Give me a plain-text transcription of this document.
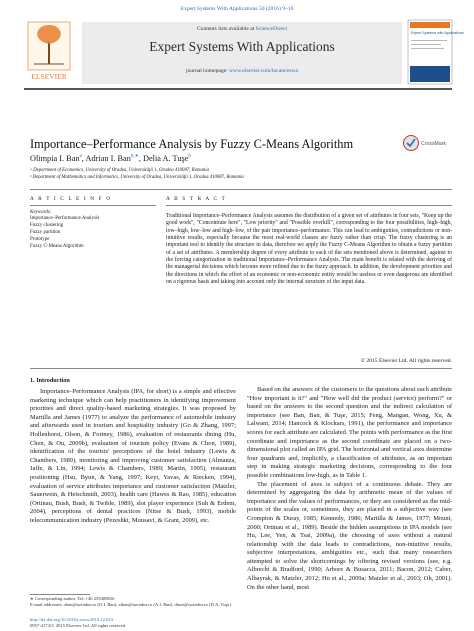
Expert Systems With Applications 50 (2016) 9–16
ELSEVIER
Contents lists available at ScienceDirect
Expert Systems With Applications
journal homepage: www.elsevier.com/locate/eswa
Expert Systems with Applications
Importance–Performance Analysis by Fuzzy C-Means Algorithm	CrossMark
Olimpia I. Ban$^a$, Adrian I. Ban$^{b,∗}$, Delia A. Tuşe$^b$
ᵃ Department of Economics, University of Oradea, Universităţii 1, Oradea 410087, Romania
ᵇ Department of Mathematics and Informatics, University of Oradea, Universităţii 1, Oradea 410087, Romania
A R T I C L E I N F O	A B S T R A C T
Keywords:
Importance–Performance Analysis
Fuzzy clustering
Fuzzy partition
Prototype
Fuzzy C-Means Algorithm
Traditional Importance–Performance Analysis assumes the distribution of a given set of attributes in four sets, "Keep up the good work", "Concentrate here", "Low priority" and "Possible overkill", corresponding to the four possibilities, high–high, low–high, low–low and high–low, of the pair importance–performance. This can lead to ambiguities, contradictions or non-intuitive results, especially because the most real-world classes are fuzzy rather than crisp. The fuzzy clustering is an important tool to identify the structure in data, therefore we apply the Fuzzy C-Means Algorithm to obtain a fuzzy partition of a set of attributes. A membership degree of every attribute to each of the sets mentioned above is determined, against to the forcing categorization in traditional Importance–Performance Analysis. The main benefit is related with the deriving of the managerial decisions which become more refined due to the fuzzy approach. In addition, the development priorities and the directions in which the effort of an economic or non-economic entity would be useless or even dangerous are identified on a rigorous basis and taking into account only the internal structure of the input data.
© 2015 Elsevier Ltd. All rights reserved.
1. Introduction

Importance–Performance Analysis (IPA, for short) is a simple and effective marketing technique which can help practitioners in identifying improvement priorities and direct quality-based marketing strategies. It was proposed by Martilla and James (1977) to analyze the performance of automobile industry and afterwards used in tourism and hospitality industry (Go & Zhang, 1997; Hollenhorst, Olson, & Fortney, 1986), evaluation of restaurants dining (Hu, Chen, & Ou, 2009b), evaluation of tourism policy (Evans & Chon, 1989), identification of the tourists' perceptions of the hotel industry (Lewis & Chambers, 1989), monitoring and improving customer satisfaction (Almanza, Jaffe, & Lin, 1994; Lewis & Chambers, 1989; Martin, 1995), restaurant positioning (Hsu, Byun, & Yang, 1997; Keyt, Yavas, & Riecken, 1994), evaluation of service attributes importance and customer satisfaction (Matzler, Sauerwein, & Heischmidt, 2003), health care (Hawes & Rao, 1985), education (Ortinau, Bush, Bush, & Twible, 1989), slot player experience (Suh & Erdem, 2004), perceptions of dental practices (Nitse & Bush, 1993), mobile telecommunication industry (Pezeshki, Mousavi, & Grant, 2009), etc.

Based on the answers of the customers to the questions about each attribute "How important is it?" and "How well did the product (service) perform?" or based on the answers to the second question and the indirect calculation of importance (see Ban, Ban, & Tuşe, 2015; Feng, Mangan, Wong, Xu, & Lalwani, 2014; Hancock & Klockars, 1991), the performance and importance scores for each attribute are calculated. The points with performance as the first coordinate and importance as the second coordinate are placed on a two-dimensional plot called an IPA grid. The horizontal and vertical axes determine four quadrants and, implicitly, a classification of attributes, as an important step in making strategic marketing decisions, corresponding to the four possible combinations low-high, as in Table 1.

The placement of axes is subject of a continuous debate. They are determined by aggregating the data by arithmetic mean of the values of importance and the values of performances, or they are considered as the mid-points of the scales or, sometimes, they are placed in a subjective way (see Crompton & Duray, 1985; Kennedy, 1986; Martilla & James, 1977; Mount, 2000; Ortinau et al., 1989). Beside the hidden assumptions in IPA models (see Hu, Lee, Yen, & Tsai, 2009a), the choosing of axes without a natural relationship with the data leads to contradictions, non-intuitive results, subjective interpretations, ambiguities etc., such that many researchers attempted to solve the shortcomings by offering revised versions (see, e.g. Albrecht & Bradford, 1990; Arbore & Busacca, 2011; Bacon, 2012; Caber, Albayrak, & Matzler, 2012; Hu et al., 2009a; Matzler et al., 2003; Oh, 2001). On the other hand, most

∗ Corresponding author. Tel.:+40 259408656
E-mail addresses: oban@uoradea.ro (O.I. Ban), aiban@uoradea.ro (A.I. Ban), dtuse@uoradea.ro (D.A. Tuşe).
http://dx.doi.org/10.1016/j.eswa.2015.12.023
0957-4174/© 2015 Elsevier Ltd. All rights reserved.
